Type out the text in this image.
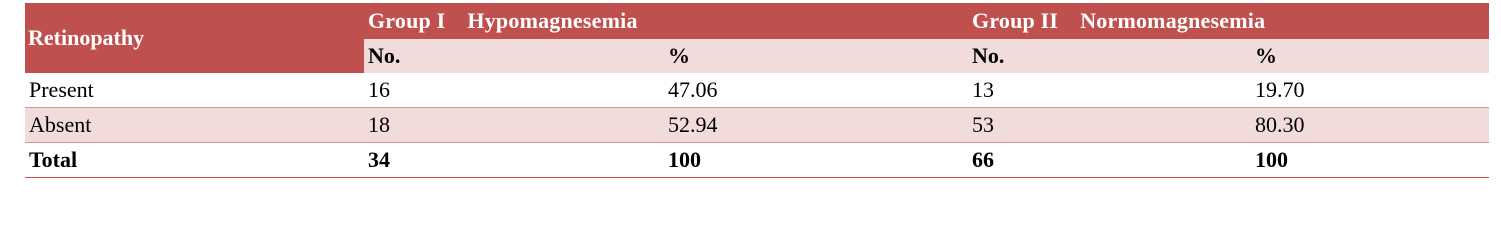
Retinopathy	Group I Hypomagnesemia		Group II Normomagnesemia	
	No.	%	No.	%
Present	16	47.06	13	19.70
Absent	18	52.94	53	80.30
Total	34	100	66	100
